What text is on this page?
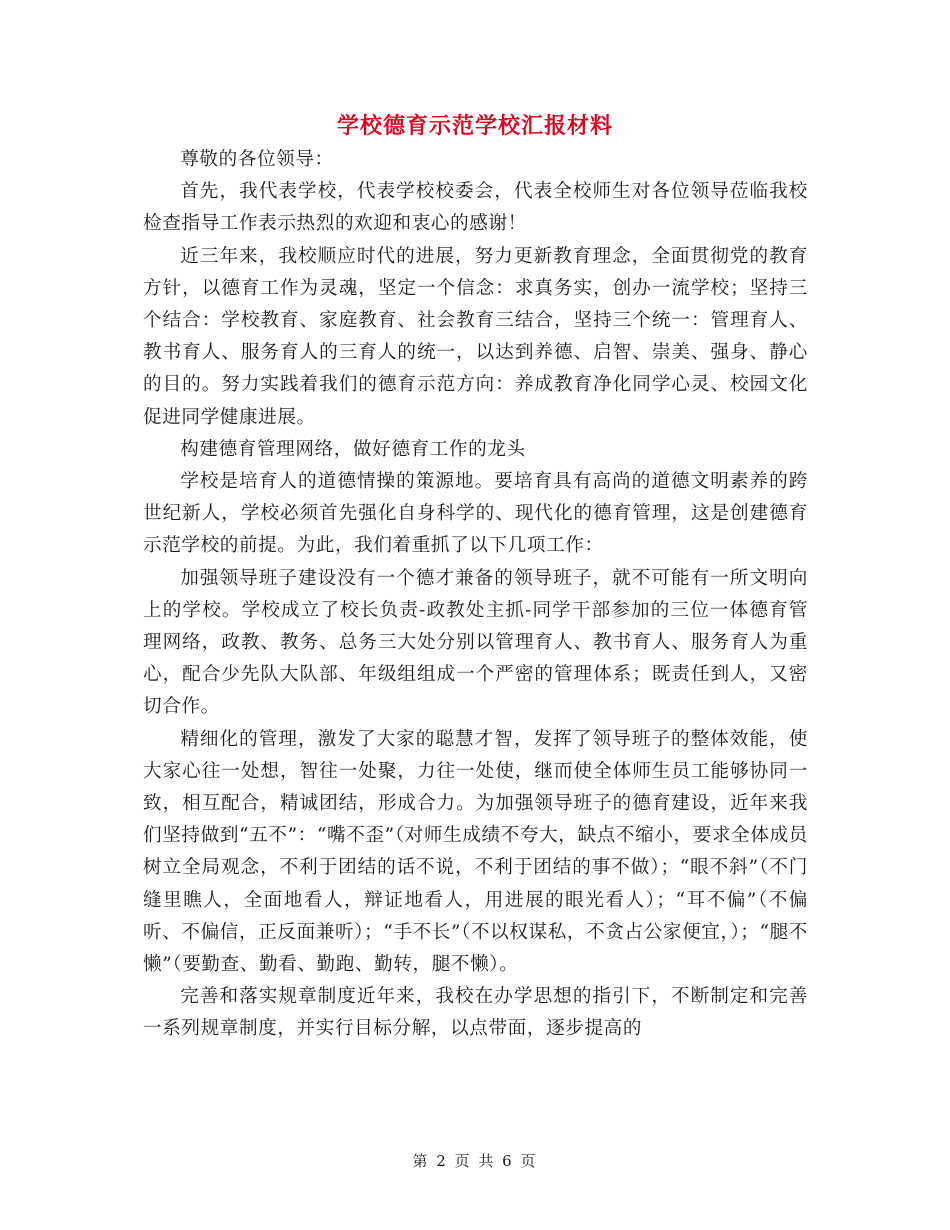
学校德育示范学校汇报材料

尊敬的各位领导：

首先，我代表学校，代表学校校委会，代表全校师生对各位领导莅临我校检查指导工作表示热烈的欢迎和衷心的感谢！

近三年来，我校顺应时代的进展，努力更新教育理念，全面贯彻党的教育方针，以德育工作为灵魂，坚定一个信念：求真务实，创办一流学校；坚持三个结合：学校教育、家庭教育、社会教育三结合，坚持三个统一：管理育人、教书育人、服务育人的三育人的统一，以达到养德、启智、崇美、强身、静心的目的。努力实践着我们的德育示范方向：养成教育净化同学心灵、校园文化促进同学健康进展。

构建德育管理网络，做好德育工作的龙头

学校是培育人的道德情操的策源地。要培育具有高尚的道德文明素养的跨世纪新人，学校必须首先强化自身科学的、现代化的德育管理，这是创建德育示范学校的前提。为此，我们着重抓了以下几项工作：

加强领导班子建设没有一个德才兼备的领导班子，就不可能有一所文明向上的学校。学校成立了校长负责-政教处主抓-同学干部参加的三位一体德育管理网络，政教、教务、总务三大处分别以管理育人、教书育人、服务育人为重心，配合少先队大队部、年级组组成一个严密的管理体系；既责任到人，又密切合作。

精细化的管理，激发了大家的聪慧才智，发挥了领导班子的整体效能，使大家心往一处想，智往一处聚，力往一处使，继而使全体师生员工能够协同一致，相互配合，精诚团结，形成合力。为加强领导班子的德育建设，近年来我们坚持做到“五不”：“嘴不歪”（对师生成绩不夸大，缺点不缩小，要求全体成员树立全局观念，不利于团结的话不说，不利于团结的事不做）；“眼不斜”（不门缝里瞧人，全面地看人，辩证地看人，用进展的眼光看人）；“耳不偏”（不偏听、不偏信，正反面兼听）；“手不长”（不以权谋私，不贪占公家便宜，）；“腿不懒”（要勤查、勤看、勤跑、勤转，腿不懒）。

完善和落实规章制度近年来，我校在办学思想的指引下，不断制定和完善一系列规章制度，并实行目标分解，以点带面，逐步提高的

第 2 页 共 6 页
